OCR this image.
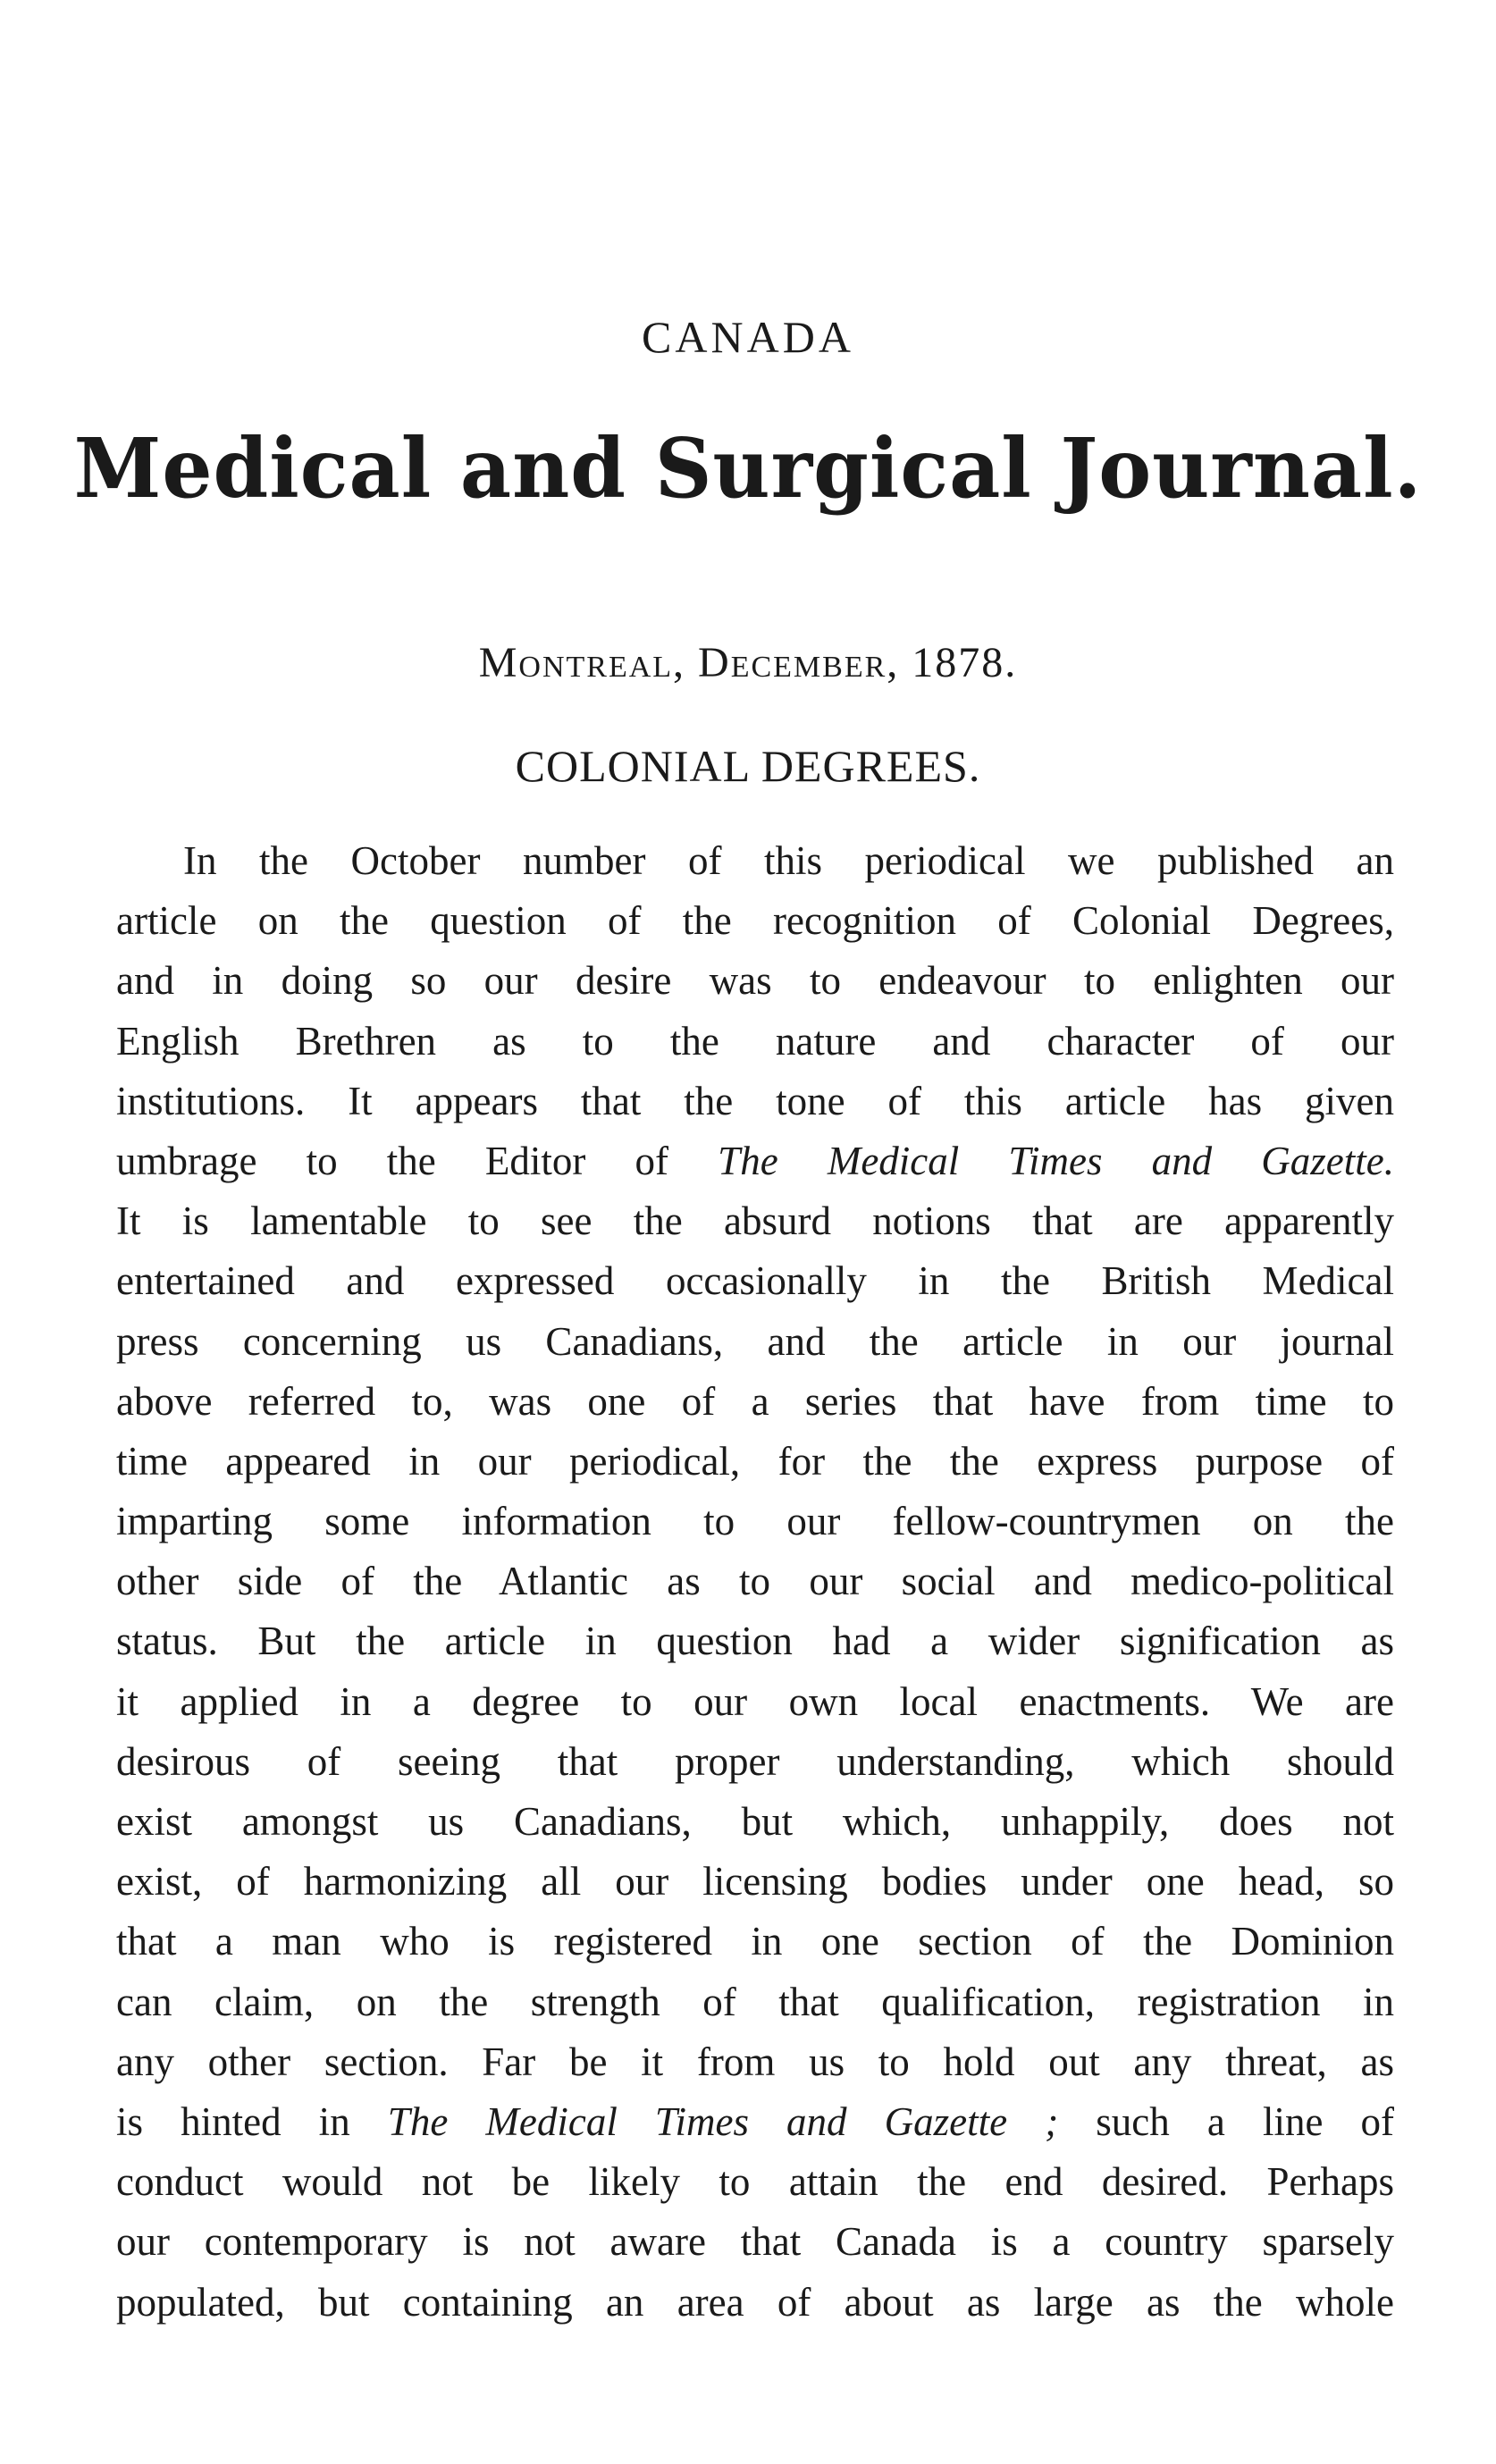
CANADA
Medical and Surgical Journal.
Montreal, December, 1878.
COLONIAL DEGREES.
In the October number of this periodical we published an
article on the question of the recognition of Colonial Degrees,
and in doing so our desire was to endeavour to enlighten our
English Brethren as to the nature and character of our
institutions. It appears that the tone of this article has given
umbrage to the Editor of The Medical Times and Gazette.
It is lamentable to see the absurd notions that are apparently
entertained and expressed occasionally in the British Medical
press concerning us Canadians, and the article in our journal
above referred to, was one of a series that have from time to
time appeared in our periodical, for the the express purpose of
imparting some information to our fellow-countrymen on the
other side of the Atlantic as to our social and medico-political
status. But the article in question had a wider signification as
it applied in a degree to our own local enactments. We are
desirous of seeing that proper understanding, which should
exist amongst us Canadians, but which, unhappily, does not
exist, of harmonizing all our licensing bodies under one head, so
that a man who is registered in one section of the Dominion
can claim, on the strength of that qualification, registration in
any other section. Far be it from us to hold out any threat, as
is hinted in The Medical Times and Gazette ; such a line of
conduct would not be likely to attain the end desired. Perhaps
our contemporary is not aware that Canada is a country sparsely
populated, but containing an area of about as large as the whole
